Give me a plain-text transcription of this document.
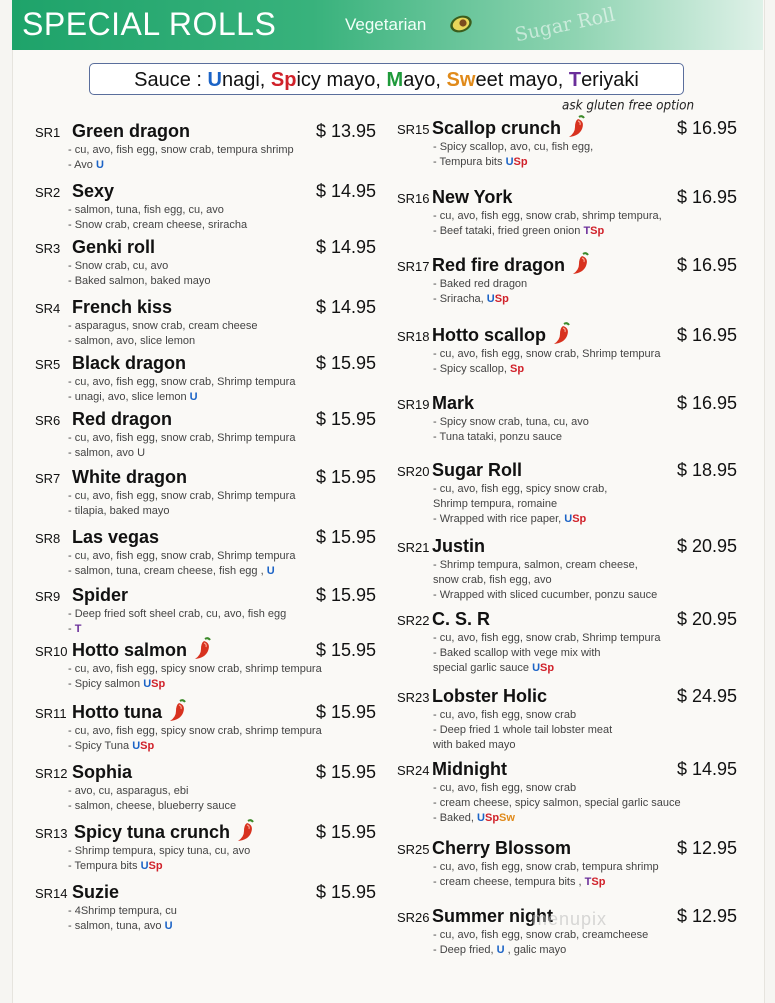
SPECIAL ROLLS	Vegetarian	Sugar Roll
Sauce : Unagi, Spicy mayo, Mayo, Sweet mayo, Teriyaki
ask gluten free option
SR1 Green dragon	$ 13.95
- cu, avo, fish egg, snow crab, tempura shrimp
- Avo U
SR2 Sexy	$ 14.95
- salmon, tuna, fish egg, cu, avo
- Snow crab, cream cheese, sriracha
SR3 Genki roll	$ 14.95
- Snow crab, cu, avo
- Baked salmon, baked mayo
SR4 French kiss	$ 14.95
- asparagus, snow crab, cream cheese
- salmon, avo, slice lemon
SR5 Black dragon	$ 15.95
- cu, avo, fish egg, snow crab, Shrimp tempura
- unagi, avo, slice lemon U
SR6 Red dragon	$ 15.95
- cu, avo, fish egg, snow crab, Shrimp tempura
- salmon, avo U
SR7 White dragon	$ 15.95
- cu, avo, fish egg, snow crab, Shrimp tempura
- tilapia, baked mayo
SR8 Las vegas	$ 15.95
- cu, avo, fish egg, snow crab, Shrimp tempura
- salmon, tuna, cream cheese, fish egg , U
SR9 Spider	$ 15.95
- Deep fried soft sheel crab, cu, avo, fish egg
- T
SR10 Hotto salmon	$ 15.95
- cu, avo, fish egg, spicy snow crab, shrimp tempura
- Spicy salmon USp
SR11 Hotto tuna	$ 15.95
- cu, avo, fish egg, spicy snow crab, shrimp tempura
- Spicy Tuna USp
SR12 Sophia	$ 15.95
- avo, cu, asparagus, ebi
- salmon, cheese, blueberry sauce
SR13 Spicy tuna crunch	$ 15.95
- Shrimp tempura, spicy tuna, cu, avo
- Tempura bits USp
SR14 Suzie	$ 15.95
- 4Shrimp tempura, cu
- salmon, tuna, avo U
SR15 Scallop crunch	$ 16.95
- Spicy scallop, avo, cu, fish egg,
- Tempura bits USp
SR16 New York	$ 16.95
- cu, avo, fish egg, snow crab, shrimp tempura,
- Beef tataki, fried green onion TSp
SR17 Red fire dragon	$ 16.95
- Baked red dragon
- Sriracha, USp
SR18 Hotto scallop	$ 16.95
- cu, avo, fish egg, snow crab, Shrimp tempura
- Spicy scallop, Sp
SR19 Mark	$ 16.95
- Spicy snow crab, tuna, cu, avo
- Tuna tataki, ponzu sauce
SR20 Sugar Roll	$ 18.95
- cu, avo, fish egg, spicy snow crab,
Shrimp tempura, romaine
- Wrapped with rice paper, USp
SR21 Justin	$ 20.95
- Shrimp tempura, salmon, cream cheese,
snow crab, fish egg, avo
- Wrapped with sliced cucumber, ponzu sauce
SR22 C. S. R	$ 20.95
- cu, avo, fish egg, snow crab, Shrimp tempura
- Baked scallop with vege mix with
special garlic sauce USp
SR23 Lobster Holic	$ 24.95
- cu, avo, fish egg, snow crab
- Deep fried 1 whole tail lobster meat
with baked mayo
SR24 Midnight	$ 14.95
- cu, avo, fish egg, snow crab
- cream cheese, spicy salmon, special garlic sauce
- Baked, USpSw
SR25 Cherry Blossom	$ 12.95
- cu, avo, fish egg, snow crab, tempura shrimp
- cream cheese, tempura bits , TSp
SR26 Summer night	$ 12.95
- cu, avo, fish egg, snow crab, creamcheese
- Deep fried, U , galic mayo
menupix
